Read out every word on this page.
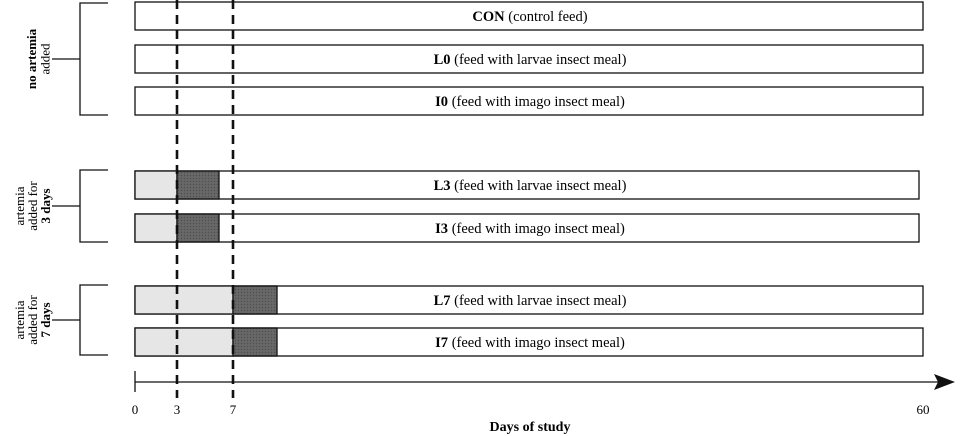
no artemiaadded
CON (control feed)
L0 (feed with larvae insect meal)
I0 (feed with imago insect meal)
artemiaadded for3 days
L3 (feed with larvae insect meal)
I3 (feed with imago insect meal)
artemiaadded for7 days
L7 (feed with larvae insect meal)
I7 (feed with imago insect meal)
0	3	7	60
Days of study
